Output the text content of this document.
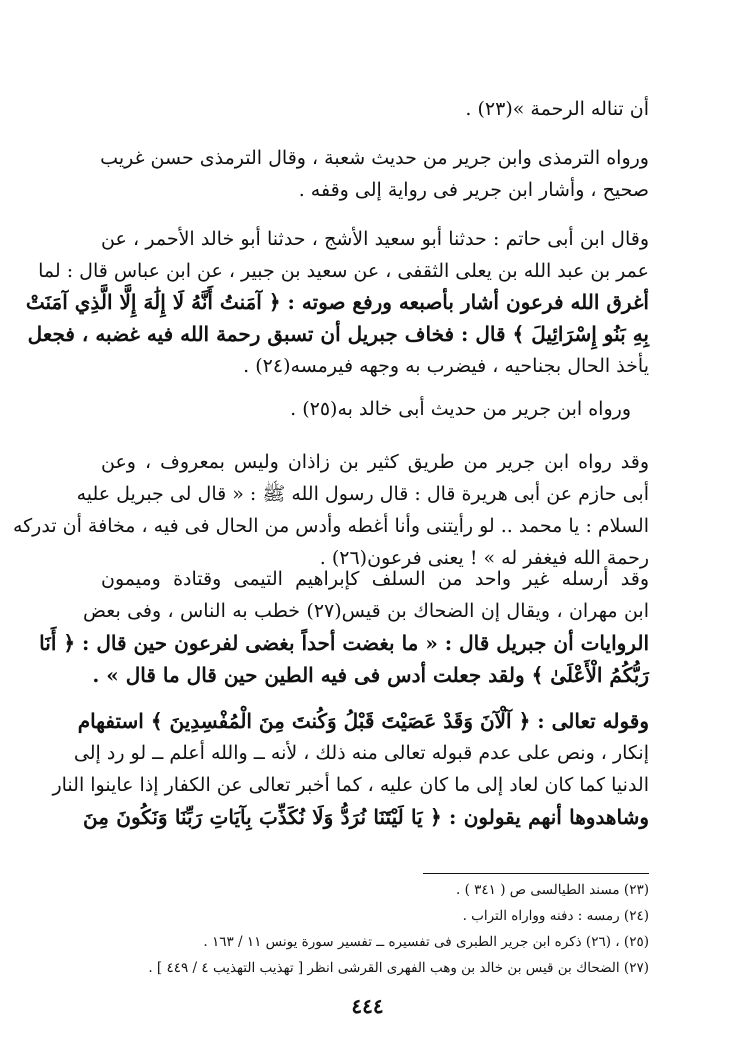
أن تناله الرحمة »(٢٣) .
ورواه الترمذى وابن جرير من حديث شعبة ، وقال الترمذى حسن غريب
صحيح ، وأشار ابن جرير فى رواية إلى وقفه .
وقال ابن أبى حاتم : حدثنا أبو سعيد الأشج ، حدثنا أبو خالد الأحمر ، عن
عمر بن عبد الله بن يعلى الثقفى ، عن سعيد بن جبير ، عن ابن عباس قال : لما
أغرق الله فرعون أشار بأصبعه ورفع صوته : ﴿ آمَنتُ أَنَّهُ لَا إِلَٰهَ إِلَّا الَّذِي آمَنَتْ
بِهِ بَنُو إِسْرَائِيلَ ﴾ قال : فخاف جبريل أن تسبق رحمة الله فيه غضبه ، فجعل
يأخذ الحال بجناحيه ، فيضرب به وجهه فيرمسه(٢٤) .
ورواه ابن جرير من حديث أبى خالد به(٢٥) .
وقد رواه ابن جرير من طريق كثير بن زاذان وليس بمعروف ، وعن
أبى حازم عن أبى هريرة قال : قال رسول الله ﷺ : « قال لى جبريل عليه
السلام : يا محمد .. لو رأيتنى وأنا أغطه وأدس من الحال فى فيه ، مخافة أن تدركه
رحمة الله فيغفر له » ! يعنى فرعون(٢٦) .
وقد أرسله غير واحد من السلف كإبراهيم التيمى وقتادة وميمون
ابن مهران ، ويقال إن الضحاك بن قيس(٢٧) خطب به الناس ، وفى بعض
الروايات أن جبريل قال : « ما بغضت أحداً بغضى لفرعون حين قال : ﴿ أَنَا
رَبُّكُمُ الْأَعْلَىٰ ﴾ ولقد جعلت أدس فى فيه الطين حين قال ما قال » .
وقوله تعالى : ﴿ آلْآنَ وَقَدْ عَصَيْتَ قَبْلُ وَكُنتَ مِنَ الْمُفْسِدِينَ ﴾ استفهام
إنكار ، ونص على عدم قبوله تعالى منه ذلك ، لأنه ــ والله أعلم ــ لو رد إلى
الدنيا كما كان لعاد إلى ما كان عليه ، كما أخبر تعالى عن الكفار إذا عاينوا النار
وشاهدوها أنهم يقولون : ﴿ يَا لَيْتَنَا نُرَدُّ وَلَا نُكَذِّبَ بِآيَاتِ رَبِّنَا وَنَكُونَ مِنَ
(٢٣) مسند الطيالسى ص ( ٣٤١ ) .
(٢٤) رمسه : دفنه وواراه التراب .
(٢٥) ، (٢٦) ذكره ابن جرير الطبرى فى تفسيره ــ تفسير سورة يونس ١١ / ١٦٣ .
(٢٧) الضحاك بن قيس بن خالد بن وهب الفهرى القرشى انظر [ تهذيب التهذيب ٤ / ٤٤٩ ] .
٤٤٤
